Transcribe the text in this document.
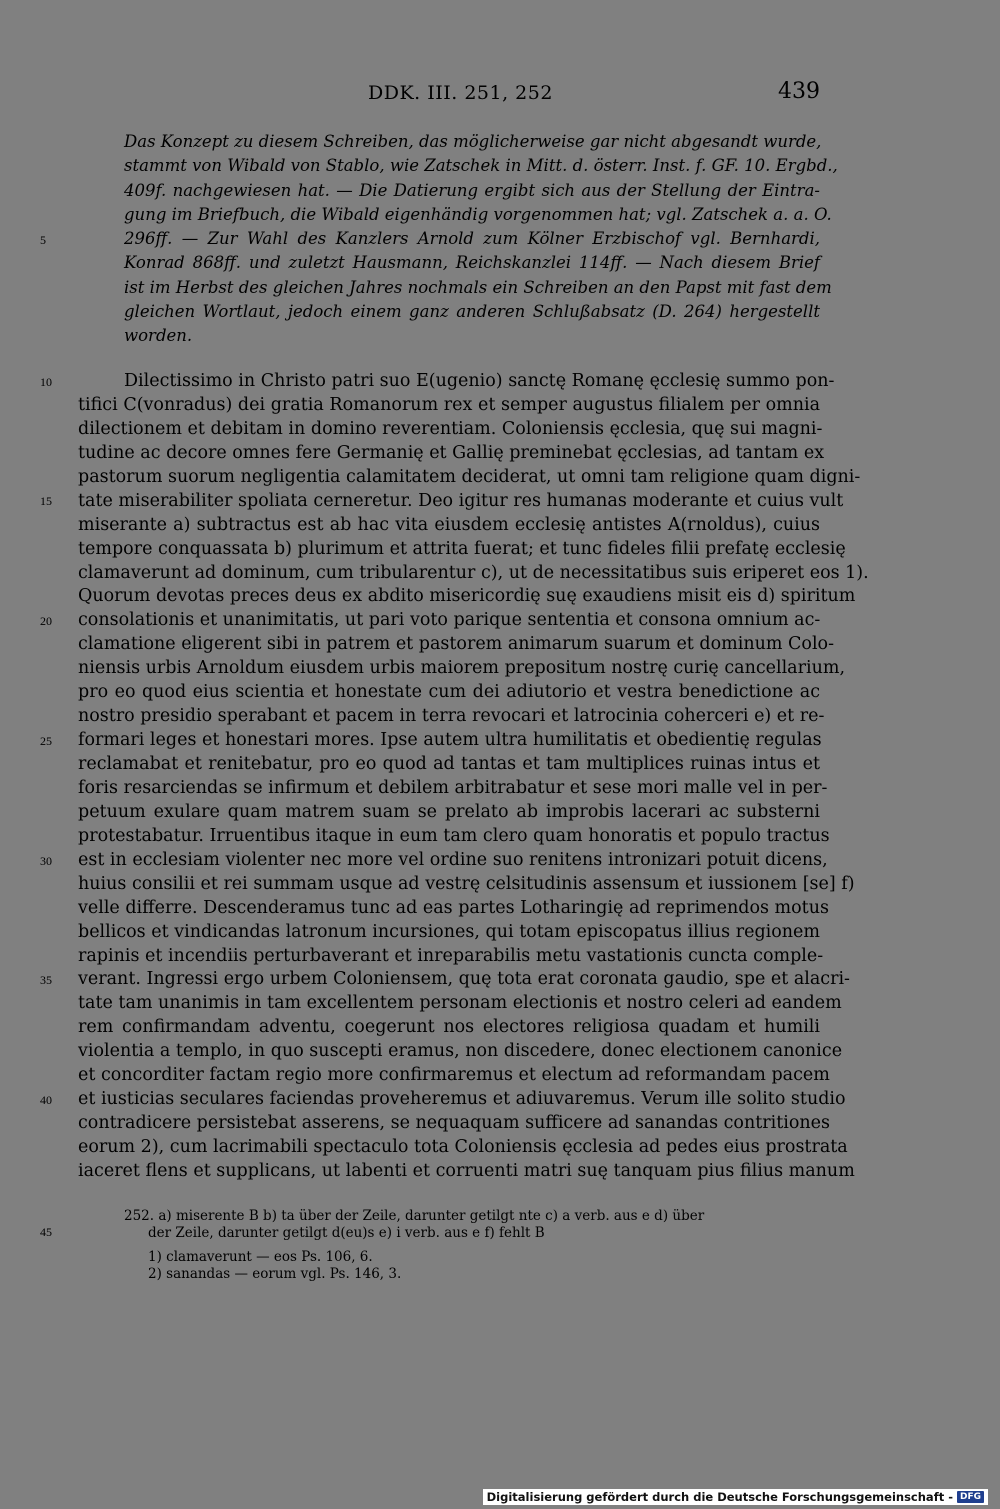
DDK. III. 251, 252	439
Das Konzept zu diesem Schreiben, das möglicherweise gar nicht abgesandt wurde,
stammt von Wibald von Stablo, wie Zatschek in Mitt. d. österr. Inst. f. GF. 10. Ergbd.,
409f. nachgewiesen hat. — Die Datierung ergibt sich aus der Stellung der Eintra-
gung im Briefbuch, die Wibald eigenhändig vorgenommen hat; vgl. Zatschek a. a. O.
296ff. — Zur Wahl des Kanzlers Arnold zum Kölner Erzbischof vgl. Bernhardi,
Konrad 868ff. und zuletzt Hausmann, Reichskanzlei 114ff. — Nach diesem Brief
ist im Herbst des gleichen Jahres nochmals ein Schreiben an den Papst mit fast dem
gleichen Wortlaut, jedoch einem ganz anderen Schlußabsatz (D. 264) hergestellt
worden.
Dilectissimo in Christo patri suo E(ugenio) sanctę Romanę ęcclesię summo pon-
tifici C(vonradus) dei gratia Romanorum rex et semper augustus filialem per omnia
dilectionem et debitam in domino reverentiam. Coloniensis ęcclesia, quę sui magni-
tudine ac decore omnes fere Germanię et Gallię preminebat ęcclesias, ad tantam ex
pastorum suorum negligentia calamitatem deciderat, ut omni tam religione quam digni-
tate miserabiliter spoliata cerneretur. Deo igitur res humanas moderante et cuius vult
miserante a) subtractus est ab hac vita eiusdem ecclesię antistes A(rnoldus), cuius
tempore conquassata b) plurimum et attrita fuerat; et tunc fideles filii prefatę ecclesię
clamaverunt ad dominum, cum tribularentur c), ut de necessitatibus suis eriperet eos 1).
Quorum devotas preces deus ex abdito misericordię suę exaudiens misit eis d) spiritum
consolationis et unanimitatis, ut pari voto parique sententia et consona omnium ac-
clamatione eligerent sibi in patrem et pastorem animarum suarum et dominum Colo-
niensis urbis Arnoldum eiusdem urbis maiorem prepositum nostrę curię cancellarium,
pro eo quod eius scientia et honestate cum dei adiutorio et vestra benedictione ac
nostro presidio sperabant et pacem in terra revocari et latrocinia coherceri e) et re-
formari leges et honestari mores. Ipse autem ultra humilitatis et obedientię regulas
reclamabat et renitebatur, pro eo quod ad tantas et tam multiplices ruinas intus et
foris resarciendas se infirmum et debilem arbitrabatur et sese mori malle vel in per-
petuum exulare quam matrem suam se prelato ab improbis lacerari ac substerni
protestabatur. Irruentibus itaque in eum tam clero quam honoratis et populo tractus
est in ecclesiam violenter nec more vel ordine suo renitens intronizari potuit dicens,
huius consilii et rei summam usque ad vestrę celsitudinis assensum et iussionem [se] f)
velle differre. Descenderamus tunc ad eas partes Lotharingię ad reprimendos motus
bellicos et vindicandas latronum incursiones, qui totam episcopatus illius regionem
rapinis et incendiis perturbaverant et inreparabilis metu vastationis cuncta comple-
verant. Ingressi ergo urbem Coloniensem, quę tota erat coronata gaudio, spe et alacri-
tate tam unanimis in tam excellentem personam electionis et nostro celeri ad eandem
rem confirmandam adventu, coegerunt nos electores religiosa quadam et humili
violentia a templo, in quo suscepti eramus, non discedere, donec electionem canonice
et concorditer factam regio more confirmaremus et electum ad reformandam pacem
et iusticias seculares faciendas proveheremus et adiuvaremus. Verum ille solito studio
contradicere persistebat asserens, se nequaquam sufficere ad sanandas contritiones
eorum 2), cum lacrimabili spectaculo tota Coloniensis ęcclesia ad pedes eius prostrata
iaceret flens et supplicans, ut labenti et corruenti matri suę tanquam pius filius manum
5
10
15
20
25
30
35
40
45
252. a) miserente B b) ta über der Zeile, darunter getilgt nte c) a verb. aus e d) über
der Zeile, darunter getilgt d(eu)s e) i verb. aus e f) fehlt B
1) clamaverunt — eos Ps. 106, 6.
2) sanandas — eorum vgl. Ps. 146, 3.
Digitalisierung gefördert durch die Deutsche Forschungsgemeinschaft - DFG
